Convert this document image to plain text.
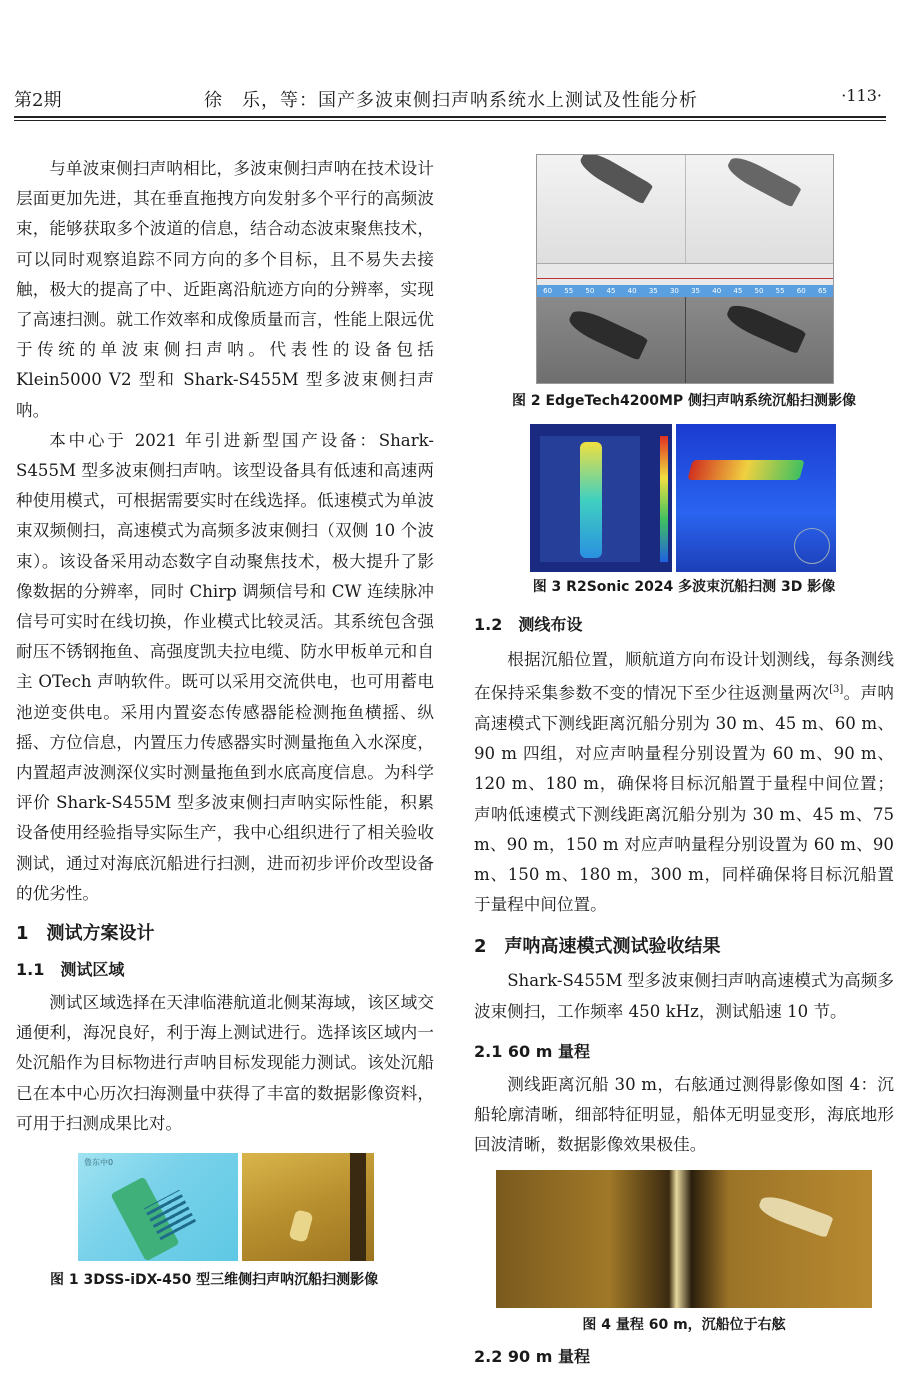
第2期	徐　乐，等：国产多波束侧扫声呐系统水上测试及性能分析	·113·

与单波束侧扫声呐相比，多波束侧扫声呐在技术设计层面更加先进，其在垂直拖拽方向发射多个平行的高频波束，能够获取多个波道的信息，结合动态波束聚焦技术，可以同时观察追踪不同方向的多个目标，且不易失去接触，极大的提高了中、近距离沿航迹方向的分辨率，实现了高速扫测。就工作效率和成像质量而言，性能上限远优于传统的单波束侧扫声呐。代表性的设备包括 Klein5000 V2 型和 Shark-S455M 型多波束侧扫声呐。

本中心于 2021 年引进新型国产设备：Shark-S455M 型多波束侧扫声呐。该型设备具有低速和高速两种使用模式，可根据需要实时在线选择。低速模式为单波束双频侧扫，高速模式为高频多波束侧扫（双侧 10 个波束）。该设备采用动态数字自动聚焦技术，极大提升了影像数据的分辨率，同时 Chirp 调频信号和 CW 连续脉冲信号可实时在线切换，作业模式比较灵活。其系统包含强耐压不锈钢拖鱼、高强度凯夫拉电缆、防水甲板单元和自主 OTech 声呐软件。既可以采用交流供电，也可用蓄电池逆变供电。采用内置姿态传感器能检测拖鱼横摇、纵摇、方位信息，内置压力传感器实时测量拖鱼入水深度，内置超声波测深仪实时测量拖鱼到水底高度信息。为科学评价 Shark-S455M 型多波束侧扫声呐实际性能，积累设备使用经验指导实际生产，我中心组织进行了相关验收测试，通过对海底沉船进行扫测，进而初步评价改型设备的优劣性。

1　测试方案设计
1.1　测试区域

测试区域选择在天津临港航道北侧某海域，该区域交通便利，海况良好，利于海上测试进行。选择该区域内一处沉船作为目标物进行声呐目标发现能力测试。该处沉船已在本中心历次扫海测量中获得了丰富的数据影像资料，可用于扫测成果比对。

鲁东中0
图 1 3DSS-iDX-450 型三维侧扫声呐沉船扫测影像
60 55 50 45 40 35 30 35 40 45 50 55 60 65
图 2 EdgeTech4200MP 侧扫声呐系统沉船扫测影像
图 3 R2Sonic 2024 多波束沉船扫测 3D 影像
1.2　测线布设

根据沉船位置，顺航道方向布设计划测线，每条测线在保持采集参数不变的情况下至少往返测量两次[3]。声呐高速模式下测线距离沉船分别为 30 m、45 m、60 m、90 m 四组，对应声呐量程分别设置为 60 m、90 m、120 m、180 m，确保将目标沉船置于量程中间位置；声呐低速模式下测线距离沉船分别为 30 m、45 m、75 m、90 m，150 m 对应声呐量程分别设置为 60 m、90 m、150 m、180 m，300 m，同样确保将目标沉船置于量程中间位置。

2　声呐高速模式测试验收结果

Shark-S455M 型多波束侧扫声呐高速模式为高频多波束侧扫，工作频率 450 kHz，测试船速 10 节。

2.1 60 m 量程

测线距离沉船 30 m，右舷通过测得影像如图 4：沉船轮廓清晰，细部特征明显，船体无明显变形，海底地形回波清晰，数据影像效果极佳。

图 4 量程 60 m，沉船位于右舷
2.2 90 m 量程
